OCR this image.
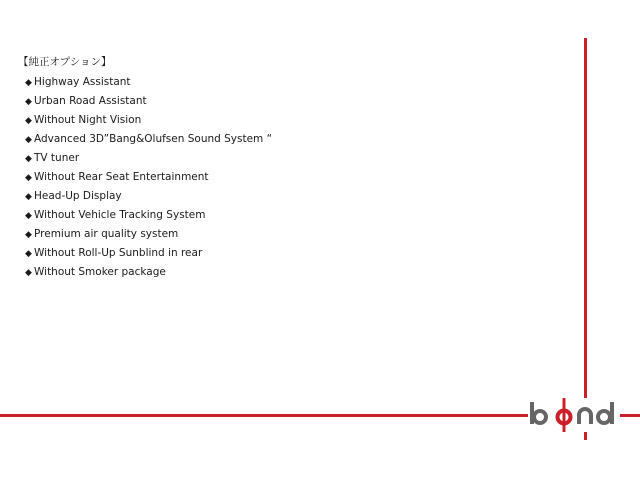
【純正オプション】
◆ Highway Assistant
◆ Urban Road Assistant
◆ Without Night Vision
◆ Advanced 3D”Bang&Olufsen Sound System “
◆ TV tuner
◆ Without Rear Seat Entertainment
◆ Head-Up Display
◆ Without Vehicle Tracking System
◆ Premium air quality system
◆ Without Roll-Up Sunblind in rear
◆ Without Smoker package
